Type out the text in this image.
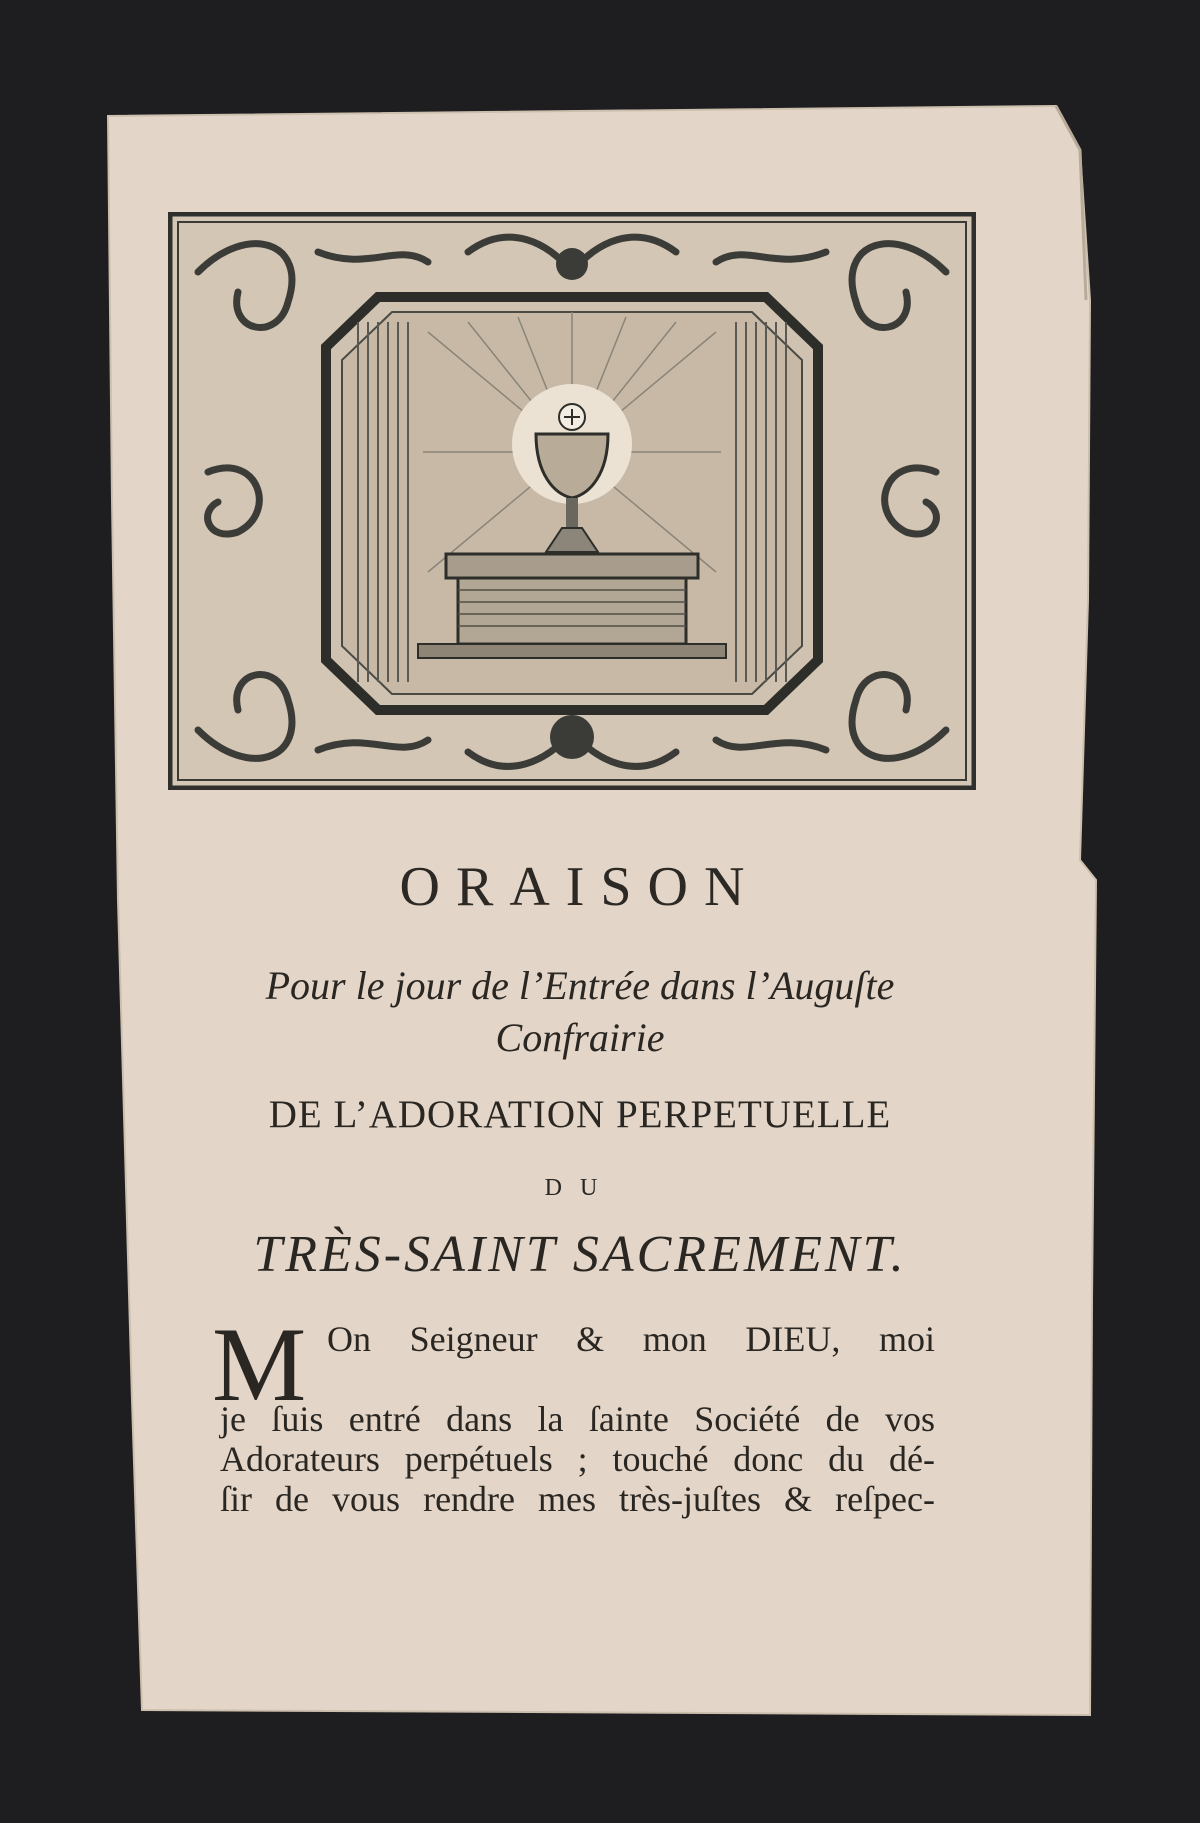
ORAISON
Pour le jour de l’Entrée dans l’Auguſte
Confrairie
DE L’ADORATION PERPETUELLE
DU
TRÈS-SAINT SACREMENT.
M On Seigneur & mon DIEU, moi
je ſuis entré dans la ſainte Société de vos
Adorateurs perpétuels ; touché donc du dé-
ſir de vous rendre mes très-juſtes & reſpec-
